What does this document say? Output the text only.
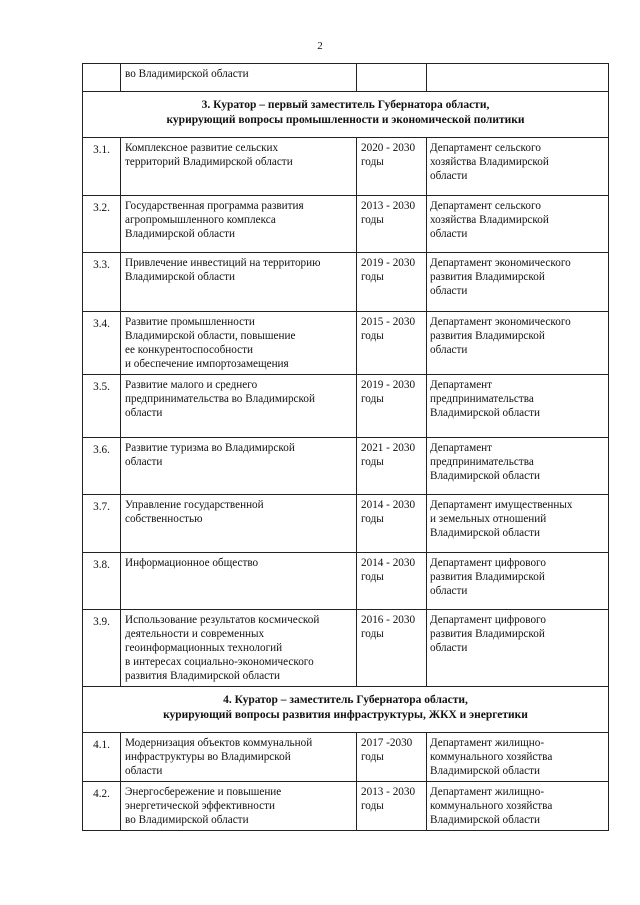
2

	во Владимирской области		

3. Куратор – первый заместитель Губернатора области,
курирующий вопросы промышленности и экономической политики			

3.1.	Комплексное развитие сельских
территорий Владимирской области	2020 - 2030
годы	Департамент сельского
хозяйства Владимирской
области

3.2.	Государственная программа развития
агропромышленного комплекса
Владимирской области	2013 - 2030
годы	Департамент сельского
хозяйства Владимирской
области

3.3.	Привлечение инвестиций на территорию
Владимирской области	2019 - 2030
годы	Департамент экономического
развития Владимирской
области

3.4.	Развитие промышленности
Владимирской области, повышение
ее конкурентоспособности
и обеспечение импортозамещения	2015 - 2030
годы	Департамент экономического
развития Владимирской
области

3.5.	Развитие малого и среднего
предпринимательства во Владимирской
области	2019 - 2030
годы	Департамент
предпринимательства
Владимирской области

3.6.	Развитие туризма во Владимирской
области	2021 - 2030
годы	Департамент
предпринимательства
Владимирской области

3.7.	Управление государственной
собственностью	2014 - 2030
годы	Департамент имущественных
и земельных отношений
Владимирской области

3.8.	Информационное общество	2014 - 2030
годы	Департамент цифрового
развития Владимирской
области

3.9.	Использование результатов космической
деятельности и современных
геоинформационных технологий
в интересах социально-экономического
развития Владимирской области	2016 - 2030
годы	Департамент цифрового
развития Владимирской
области

4. Куратор – заместитель Губернатора области,
курирующий вопросы развития инфраструктуры, ЖКХ и энергетики			

4.1.	Модернизация объектов коммунальной
инфраструктуры во Владимирской
области	2017 -2030
годы	Департамент жилищно-
коммунального хозяйства
Владимирской области

4.2.	Энергосбережение и повышение
энергетической эффективности
во Владимирской области	2013 - 2030
годы	Департамент жилищно-
коммунального хозяйства
Владимирской области
